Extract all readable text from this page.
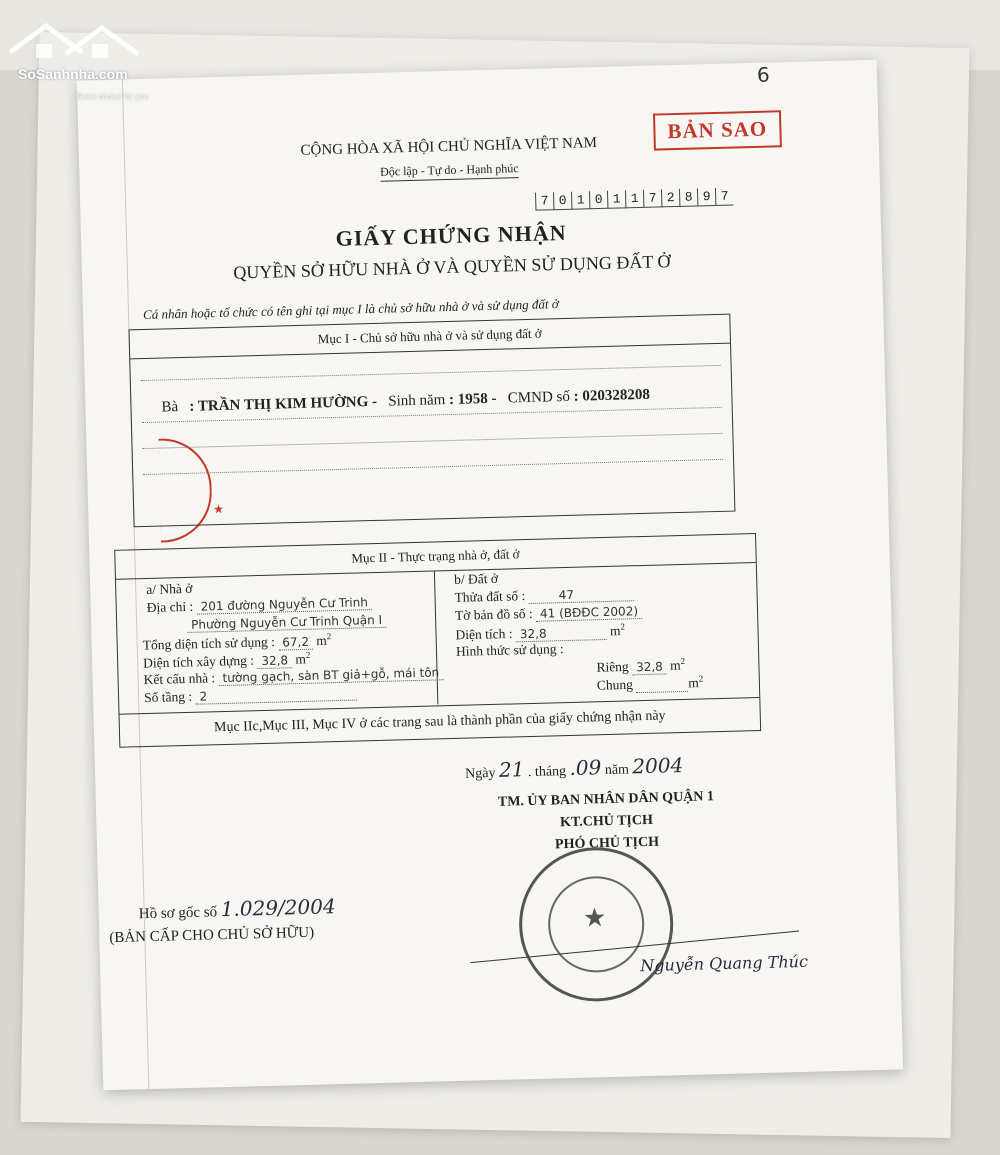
★
6
BẢN SAO
CỘNG HÒA XÃ HỘI CHỦ NGHĨA VIỆT NAM
Độc lập - Tự do - Hạnh phúc
7 0 1 0 1 1 7 2 8 9 7
GIẤY CHỨNG NHẬN
QUYỀN SỞ HỮU NHÀ Ở VÀ QUYỀN SỬ DỤNG ĐẤT Ở
Cá nhân hoặc tổ chức có tên ghi tại mục I là chủ sở hữu nhà ở và sử dụng đất ở
Mục I - Chủ sở hữu nhà ở và sử dụng đất ở
Bà : TRẦN THỊ KIM HƯỜNG - Sinh năm : 1958 - CMND số : 020328208
Mục II - Thực trạng nhà ở, đất ở
a/ Nhà ở
Địa chỉ : 201 đường Nguyễn Cư Trinh
Phường Nguyễn Cư Trinh Quận I
Tổng diện tích sử dụng : 67,2 $m^2$
Diện tích xây dựng : 32,8 $m^2$
Kết cấu nhà : tường gạch, sàn BT giả+gỗ, mái tôn
Số tầng : 2
b/ Đất ở
Thửa đất số :	47
Tờ bản đồ số : 41 (BĐĐC 2002)
Diện tích : 32,8	$m^2$
Hình thức sử dụng :
Riêng 32,8 $m^2$
Chung	$m^2$
Mục IIc,Mục III, Mục IV ở các trang sau là thành phần của giấy chứng nhận này
Ngày 21 . tháng .09 năm 2004
TM. ỦY BAN NHÂN DÂN QUẬN 1
KT.CHỦ TỊCH
PHÓ CHỦ TỊCH
★
Nguyễn Quang Thúc
Hồ sơ gốc số 1.029/2004
(BẢN CẤP CHO CHỦ SỞ HỮU)
SoSanhnha.com
Great choice for you
